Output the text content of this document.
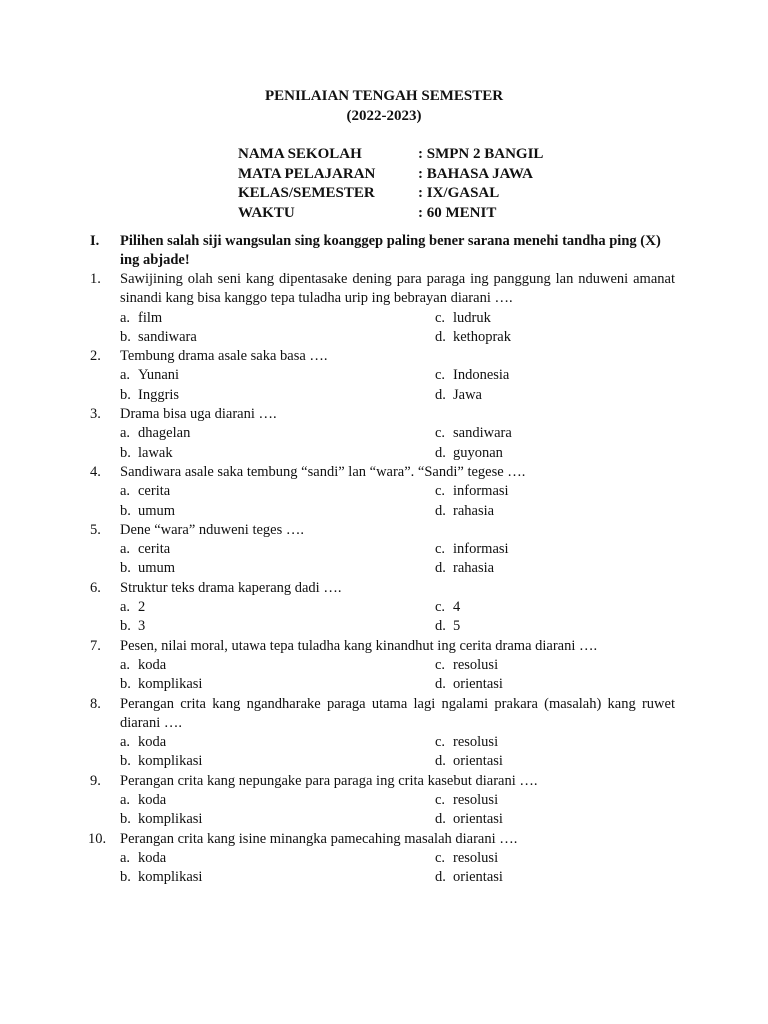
PENILAIAN TENGAH SEMESTER
(2022-2023)
NAMA SEKOLAH	: SMPN 2 BANGIL
MATA PELAJARAN	: BAHASA JAWA
KELAS/SEMESTER	: IX/GASAL
WAKTU	: 60 MENIT
I. Pilihen salah siji wangsulan sing koanggep paling bener sarana menehi tandha ping (X) ing abjade!
1. Sawijining olah seni kang dipentasake dening para paraga ing panggung lan nduweni amanat sinandi kang bisa kanggo tepa tuladha urip ing bebrayan diarani ….
a. film
b. sandiwara
c. ludruk
d. kethoprak
2. Tembung drama asale saka basa ….
a. Yunani
b. Inggris
c. Indonesia
d. Jawa
3. Drama bisa uga diarani ….
a. dhagelan
b. lawak
c. sandiwara
d. guyonan
4. Sandiwara asale saka tembung “sandi” lan “wara”. “Sandi” tegese ….
a. cerita
b. umum
c. informasi
d. rahasia
5. Dene “wara” nduweni teges ….
a. cerita
b. umum
c. informasi
d. rahasia
6. Struktur teks drama kaperang dadi ….
a. 2
b. 3
c. 4
d. 5
7. Pesen, nilai moral, utawa tepa tuladha kang kinandhut ing cerita drama diarani ….
a. koda
b. komplikasi
c. resolusi
d. orientasi
8. Perangan crita kang ngandharake paraga utama lagi ngalami prakara (masalah) kang ruwet diarani ….
a. koda
b. komplikasi
c. resolusi
d. orientasi
9. Perangan crita kang nepungake para paraga ing crita kasebut diarani ….
a. koda
b. komplikasi
c. resolusi
d. orientasi
10. Perangan crita kang isine minangka pamecahing masalah diarani ….
a. koda
b. komplikasi
c. resolusi
d. orientasi
